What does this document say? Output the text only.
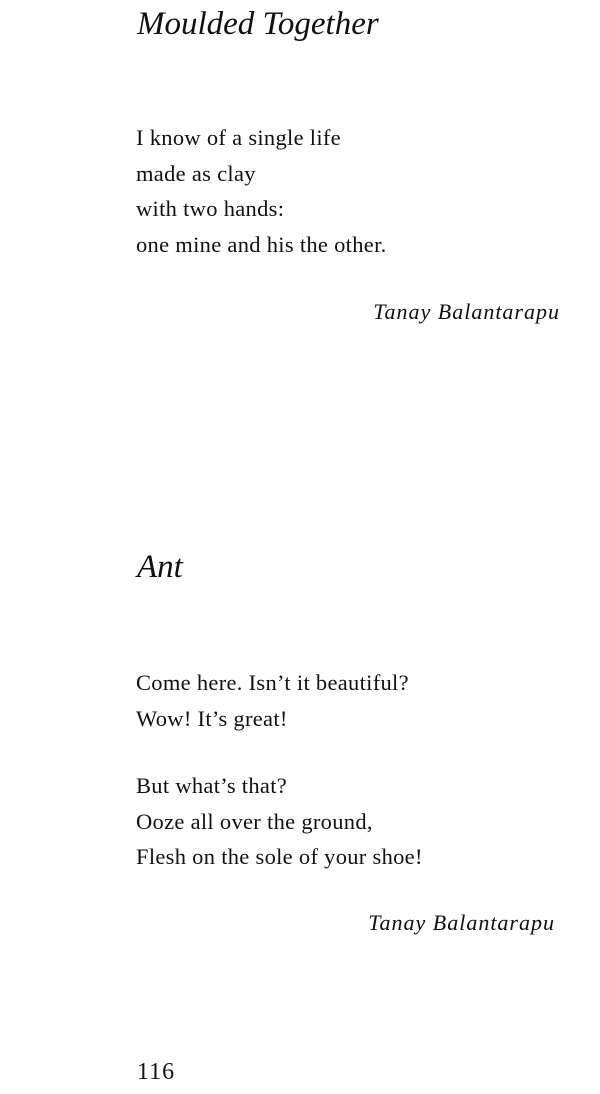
Moulded Together
I know of a single life
made as clay
with two hands:
one mine and his the other.
Tanay Balantarapu
Ant
Come here. Isn’t it beautiful?
Wow! It’s great!
But what’s that?
Ooze all over the ground,
Flesh on the sole of your shoe!
Tanay Balantarapu
116
